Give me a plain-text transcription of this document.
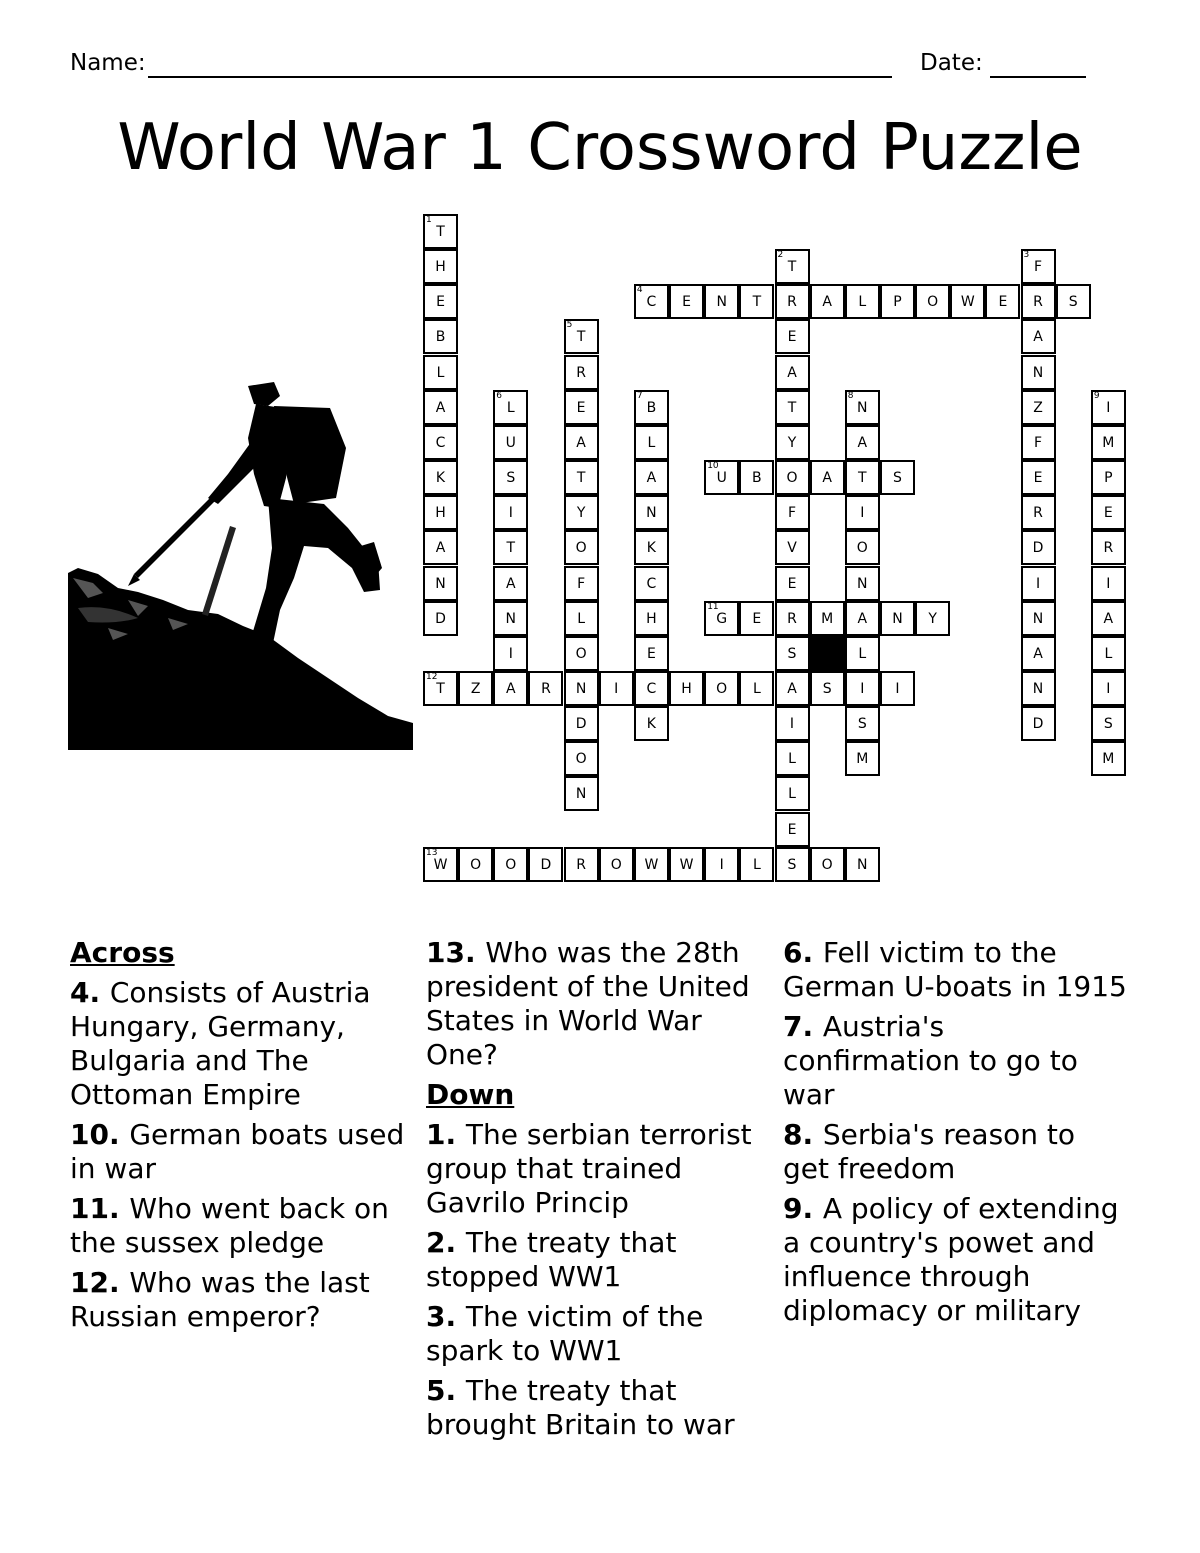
Name:	Date:
World War 1 Crossword Puzzle
1
T
H
E
B
L
A
C
K
H
A
N
D
2
T
R
E
A
T
Y
O
F
V
E
R
S
A
I
L
L
E
S
3
F
R
A
N
Z
F
E
R
D
I
N
A
N
D
4
C	E	N	T	A	L	P	O	W	E	S
5
T
R
E
A
T
Y
O
F
L
O
N
D
O
N
6
L
U
S
I
T
A
N
I
A
7
B
L
A
N
K
C
H
E
C
K
8
N
A
T
I
O
N
A
L
I
S
M
9
I
M
P
E
R
I
A
L
I
S
M
10
U	B	A	S
11
G	E	M	N	Y
12
T	Z	R	I	H	O	L	S	I
13
W	O	O	D	R	O	W	W	I	L	O	N
Across
4. Consists of Austria Hungary, Germany, Bulgaria and The Ottoman Empire
10. German boats used in war
11. Who went back on the sussex pledge
12. Who was the last Russian emperor?
13. Who was the 28th president of the United States in World War One?
Down
1. The serbian terrorist group that trained Gavrilo Princip
2. The treaty that stopped WW1
3. The victim of the spark to WW1
5. The treaty that brought Britain to war
6. Fell victim to the German U-boats in 1915
7. Austria's confirmation to go to war
8. Serbia's reason to get freedom
9. A policy of extending a country's powet and influence through diplomacy or military
